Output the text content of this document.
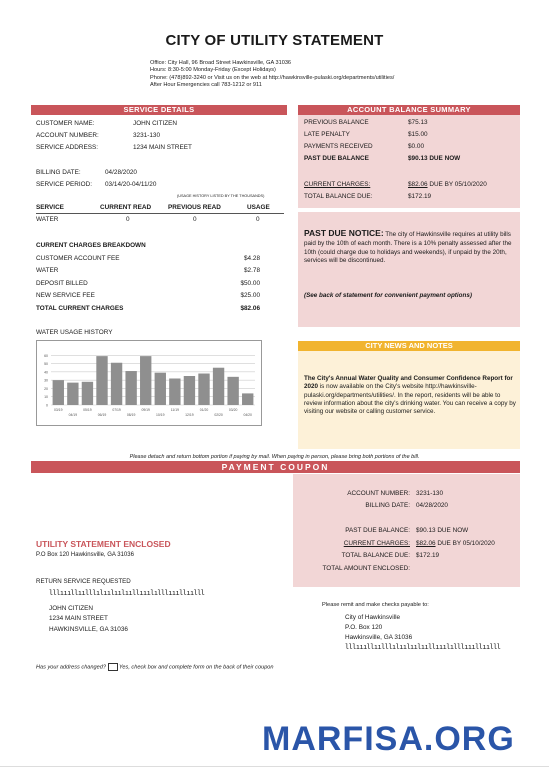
CITY OF UTILITY STATEMENT
Office: City Hall, 96 Broad Street Hawkinsville, GA 31036
Hours: 8:30-5:00 Monday-Friday (Except Holidays)
Phone: (478)892-3240 or Visit us on the web at http://hawkinsville-pulaski.org/departments/utilities/
After Hour Emergencies call 783-1212 or 911
SERVICE DETAILS
CUSTOMER NAME:	JOHN CITIZEN
ACCOUNT NUMBER:	3231-130
SERVICE ADDRESS:	1234 MAIN STREET
BILLING DATE:	04/28/2020
SERVICE PERIOD: 03/14/20-04/11/20
(USAGE HISTORY LISTED BY THE THOUSANDS)
SERVICE	CURRENT READ	PREVIOUS READ	USAGE
WATER	0	0	0
CURRENT CHARGES BREAKDOWN
CUSTOMER ACCOUNT FEE	$4.28
WATER	$2.78
DEPOSIT BILLED	$50.00
NEW SERVICE FEE	$25.00
TOTAL CURRENT CHARGES	$82.06
WATER USAGE HISTORY
60
50
40
30
20
10
0
03/19
04/19
05/19
06/19
07/19
08/19
09/19
10/19
11/19
12/19
01/20
02/20
03/20
04/20
ACCOUNT BALANCE SUMMARY
PREVIOUS BALANCE	$75.13
LATE PENALTY	$15.00
PAYMENTS RECEIVED	$0.00
PAST DUE BALANCE	$90.13 DUE NOW
CURRENT CHARGES:	$82.06 DUE BY 05/10/2020
TOTAL BALANCE DUE:	$172.19
PAST DUE NOTICE: The city of Hawkinsville requires at utility bills paid by the 10th of each month. There is a 10% penalty assessed after the 10th (could charge due to holidays and weekends), if unpaid by the 20th, services will be discontinued.
(See back of statement for convenient payment options)
CITY NEWS AND NOTES
The City's Annual Water Quality and Consumer Confidence Report for 2020 is now available on the City's website http://hawkinsville-pulaski.org/departments/utilities/. In the report, residents will be able to review information about the city's drinking water. You can receive a copy by visiting our website or calling customer service.
Please detach and return bottom portion if paying by mail. When paying in person, please bring both portions of the bill.
PAYMENT COUPON
ACCOUNT NUMBER: 3231-130
BILLING DATE: 04/28/2020
PAST DUE BALANCE: $90.13 DUE NOW
CURRENT CHARGES: $82.06 DUE BY 05/10/2020
TOTAL BALANCE DUE: $172.19
TOTAL AMOUNT ENCLOSED:
UTILITY STATEMENT ENCLOSED
P.O Box 120 Hawkinsville, GA 31036
RETURN SERVICE REQUESTED
lllıııllıılllılıılıılııllııılılllıııllıılll
JOHN CITIZEN
1234 MAIN STREET
HAWKINSVILLE, GA 31036
Please remit and make checks payable to:
City of Hawkinsville
P.O. Box 120
Hawkinsville, GA 31036
lllıııllıılllılıılıılııllııılılllıııllıılll
Has your address changed? Yes, check box and complete form on the back of their coupon
MARFISA.ORG
